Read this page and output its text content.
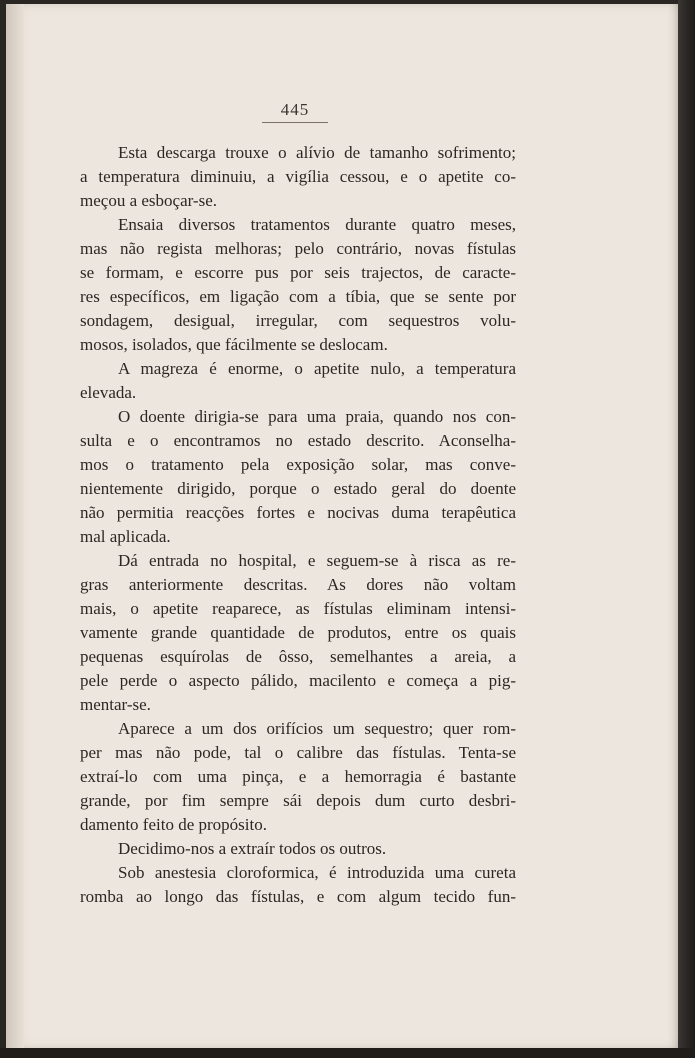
445
Esta descarga trouxe o alívio de tamanho sofrimento;
a temperatura diminuiu, a vigília cessou, e o apetite co-
meçou a esboçar-se.
Ensaia diversos tratamentos durante quatro meses,
mas não regista melhoras; pelo contrário, novas fístulas
se formam, e escorre pus por seis trajectos, de caracte-
res específicos, em ligação com a tíbia, que se sente por
sondagem, desigual, irregular, com sequestros volu-
mosos, isolados, que fácilmente se deslocam.
A magreza é enorme, o apetite nulo, a temperatura
elevada.
O doente dirigia-se para uma praia, quando nos con-
sulta e o encontramos no estado descrito. Aconselha-
mos o tratamento pela exposição solar, mas conve-
nientemente dirigido, porque o estado geral do doente
não permitia reacções fortes e nocivas duma terapêutica
mal aplicada.
Dá entrada no hospital, e seguem-se à risca as re-
gras anteriormente descritas. As dores não voltam
mais, o apetite reaparece, as fístulas eliminam intensi-
vamente grande quantidade de produtos, entre os quais
pequenas esquírolas de ôsso, semelhantes a areia, a
pele perde o aspecto pálido, macilento e começa a pig-
mentar-se.
Aparece a um dos orifícios um sequestro; quer rom-
per mas não pode, tal o calibre das fístulas. Tenta-se
extraí-lo com uma pinça, e a hemorragia é bastante
grande, por fim sempre sái depois dum curto desbri-
damento feito de propósito.
Decidimo-nos a extraír todos os outros.
Sob anestesia cloroformica, é introduzida uma cureta
romba ao longo das fístulas, e com algum tecido fun-
